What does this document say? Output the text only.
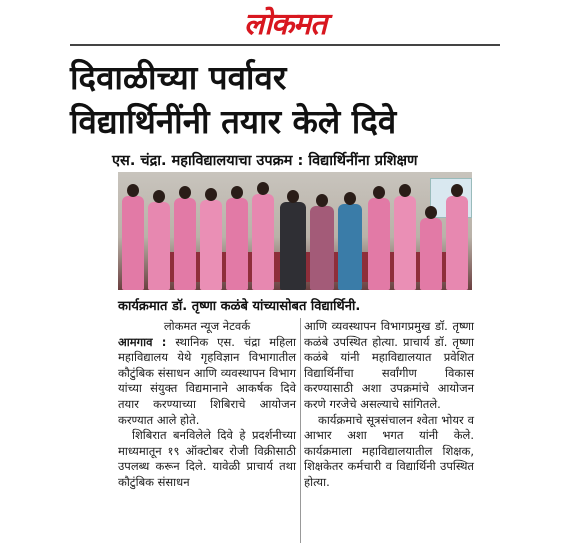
लोकमत
दिवाळीच्या पर्वावर
विद्यार्थिनींनी तयार केले दिवे
एस. चंद्रा. महाविद्यालयाचा उपक्रम : विद्यार्थिनींना प्रशिक्षण
कार्यक्रमात डॉ. तृष्णा कळंबे यांच्यासोबत विद्यार्थिनी.

लोकमत न्यूज नेटवर्क

आमगाव : स्थानिक एस. चंद्रा महिला महाविद्यालय येथे गृहविज्ञान विभागातील कौटुंबिक संसाधन आणि व्यवस्थापन विभाग यांच्या संयुक्त विद्यमानाने आकर्षक दिवे तयार करण्याच्या शिबिराचे आयोजन करण्यात आले होते.

शिबिरात बनविलेले दिवे हे प्रदर्शनीच्या माध्यमातून १९ ऑक्टोबर रोजी विक्रीसाठी उपलब्ध करून दिले. यावेळी प्राचार्य तथा कौटुंबिक संसाधन

आणि व्यवस्थापन विभागप्रमुख डॉ. तृष्णा कळंबे उपस्थित होत्या. प्राचार्य डॉ. तृष्णा कळंबे यांनी महाविद्यालयात प्रवेशित विद्यार्थिनींचा सर्वांगीण विकास करण्यासाठी अशा उपक्रमांचे आयोजन करणे गरजेचे असल्याचे सांगितले.

कार्यक्रमाचे सूत्रसंचालन श्वेता भोयर व आभार अशा भगत यांनी केले. कार्यक्रमाला महाविद्यालयातील शिक्षक, शिक्षकेतर कर्मचारी व विद्यार्थिनी उपस्थित होत्या.
